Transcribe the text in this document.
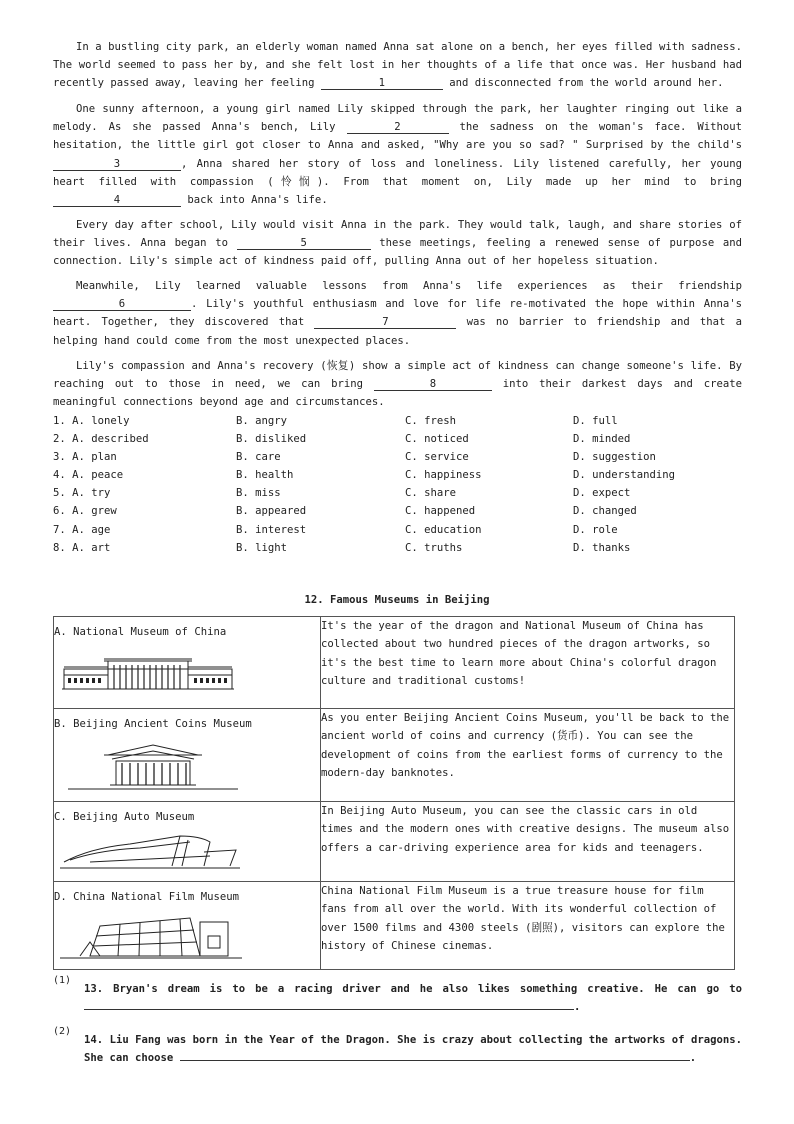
In a bustling city park, an elderly woman named Anna sat alone on a bench, her eyes filled with sadness. The world seemed to pass her by, and she felt lost in her thoughts of a life that once was. Her husband had recently passed away, leaving her feeling	1	and disconnected from the world around her.

One sunny afternoon, a young girl named Lily skipped through the park, her laughter ringing out like a melody. As she passed Anna's bench, Lily	2	the sadness on the woman's face. Without hesitation, the little girl got closer to Anna and asked, "Why are you so sad? " Surprised by the child's 3	, Anna shared her story of loss and loneliness. Lily listened carefully, her young heart filled with compassion (怜悯). From that moment on, Lily made up her mind to bring 4	back into Anna's life.

Every day after school, Lily would visit Anna in the park. They would talk, laugh, and share stories of their lives. Anna began to	5	these meetings, feeling a renewed sense of purpose and connection. Lily's simple act of kindness paid off, pulling Anna out of her hopeless situation.

Meanwhile, Lily learned valuable lessons from Anna's life experiences as their friendship 6	. Lily's youthful enthusiasm and love for life re-motivated the hope within Anna's heart. Together, they discovered that	7	was no barrier to friendship and that a helping hand could come from the most unexpected places.

Lily's compassion and Anna's recovery (恢复) show a simple act of kindness can change someone's life. By reaching out to those in need, we can bring	8	into their darkest days and create meaningful connections beyond age and circumstances.

1. A. lonely	B. angry	C. fresh	D. full
2. A. described	B. disliked	C. noticed	D. minded
3. A. plan	B. care	C. service	D. suggestion
4. A. peace	B. health	C. happiness	D. understanding
5. A. try	B. miss	C. share	D. expect
6. A. grew	B. appeared	C. happened	D. changed
7. A. age	B. interest	C. education	D. role
8. A. art	B. light	C. truths	D. thanks
12. Famous Museums in Beijing
A. National Museum of China	It's the year of the dragon and National Museum of China has collected about two hundred pieces of the dragon artworks, so it's the best time to learn more about China's colorful dragon culture and traditional customs!

B. Beijing Ancient Coins Museum	As you enter Beijing Ancient Coins Museum, you'll be back to the ancient world of coins and currency (货币). You can see the development of coins from the earliest forms of currency to the modern-day banknotes.

C. Beijing Auto Museum	In Beijing Auto Museum, you can see the classic cars in old times and the modern ones with creative designs. The museum also offers a car-driving experience area for kids and teenagers.

D. China National Film Museum	China National Film Museum is a true treasure house for film fans from all over the world. With its wonderful collection of over 1500 films and 4300 steels (剧照), visitors can explore the history of Chinese cinemas.
(1)

13. Bryan's dream is to be a racing driver and he also likes something creative. He can go to .

(2)

14. Liu Fang was born in the Year of the Dragon. She is crazy about collecting the artworks of dragons. She can choose	.
